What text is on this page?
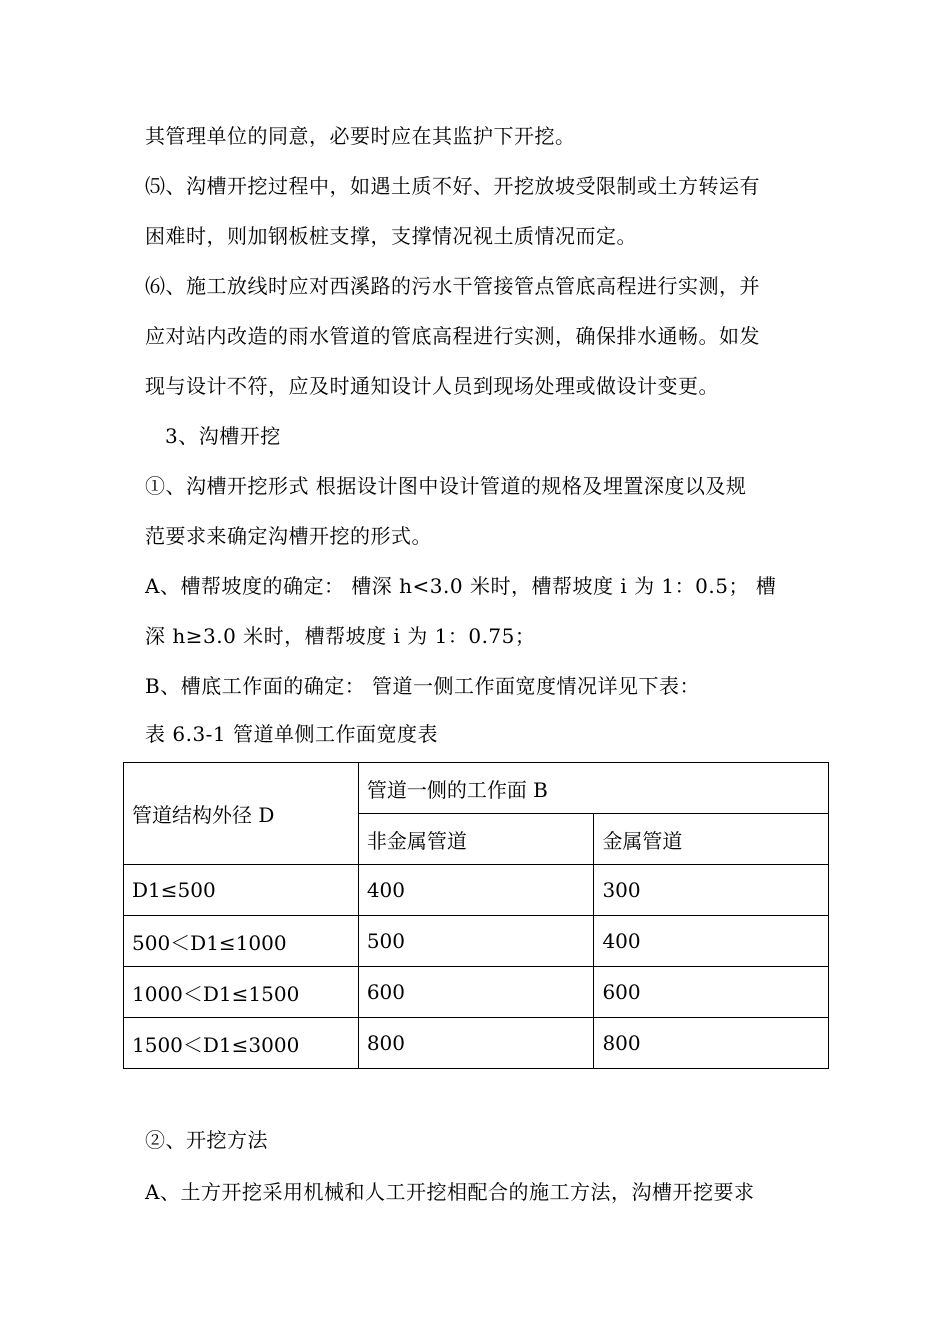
其管理单位的同意，必要时应在其监护下开挖。
⑸、沟槽开挖过程中，如遇土质不好、开挖放坡受限制或土方转运有
困难时，则加钢板桩支撑，支撑情况视土质情况而定。
⑹、施工放线时应对西溪路的污水干管接管点管底高程进行实测，并
应对站内改造的雨水管道的管底高程进行实测，确保排水通畅。如发
现与设计不符，应及时通知设计人员到现场处理或做设计变更。
3、沟槽开挖
①、沟槽开挖形式 根据设计图中设计管道的规格及埋置深度以及规
范要求来确定沟槽开挖的形式。
A、槽帮坡度的确定： 槽深 h<3.0 米时，槽帮坡度 i 为 1：0.5； 槽
深 h≥3.0 米时，槽帮坡度 i 为 1：0.75；
B、槽底工作面的确定： 管道一侧工作面宽度情况详见下表：
表 6.3-1 管道单侧工作面宽度表
管道结构外径 D	管道一侧的工作面 B	
	非金属管道	金属管道
D1≤500	400	300
500＜D1≤1000	500	400
1000＜D1≤1500	600	600
1500＜D1≤3000	800	800
②、开挖方法
A、土方开挖采用机械和人工开挖相配合的施工方法，沟槽开挖要求
